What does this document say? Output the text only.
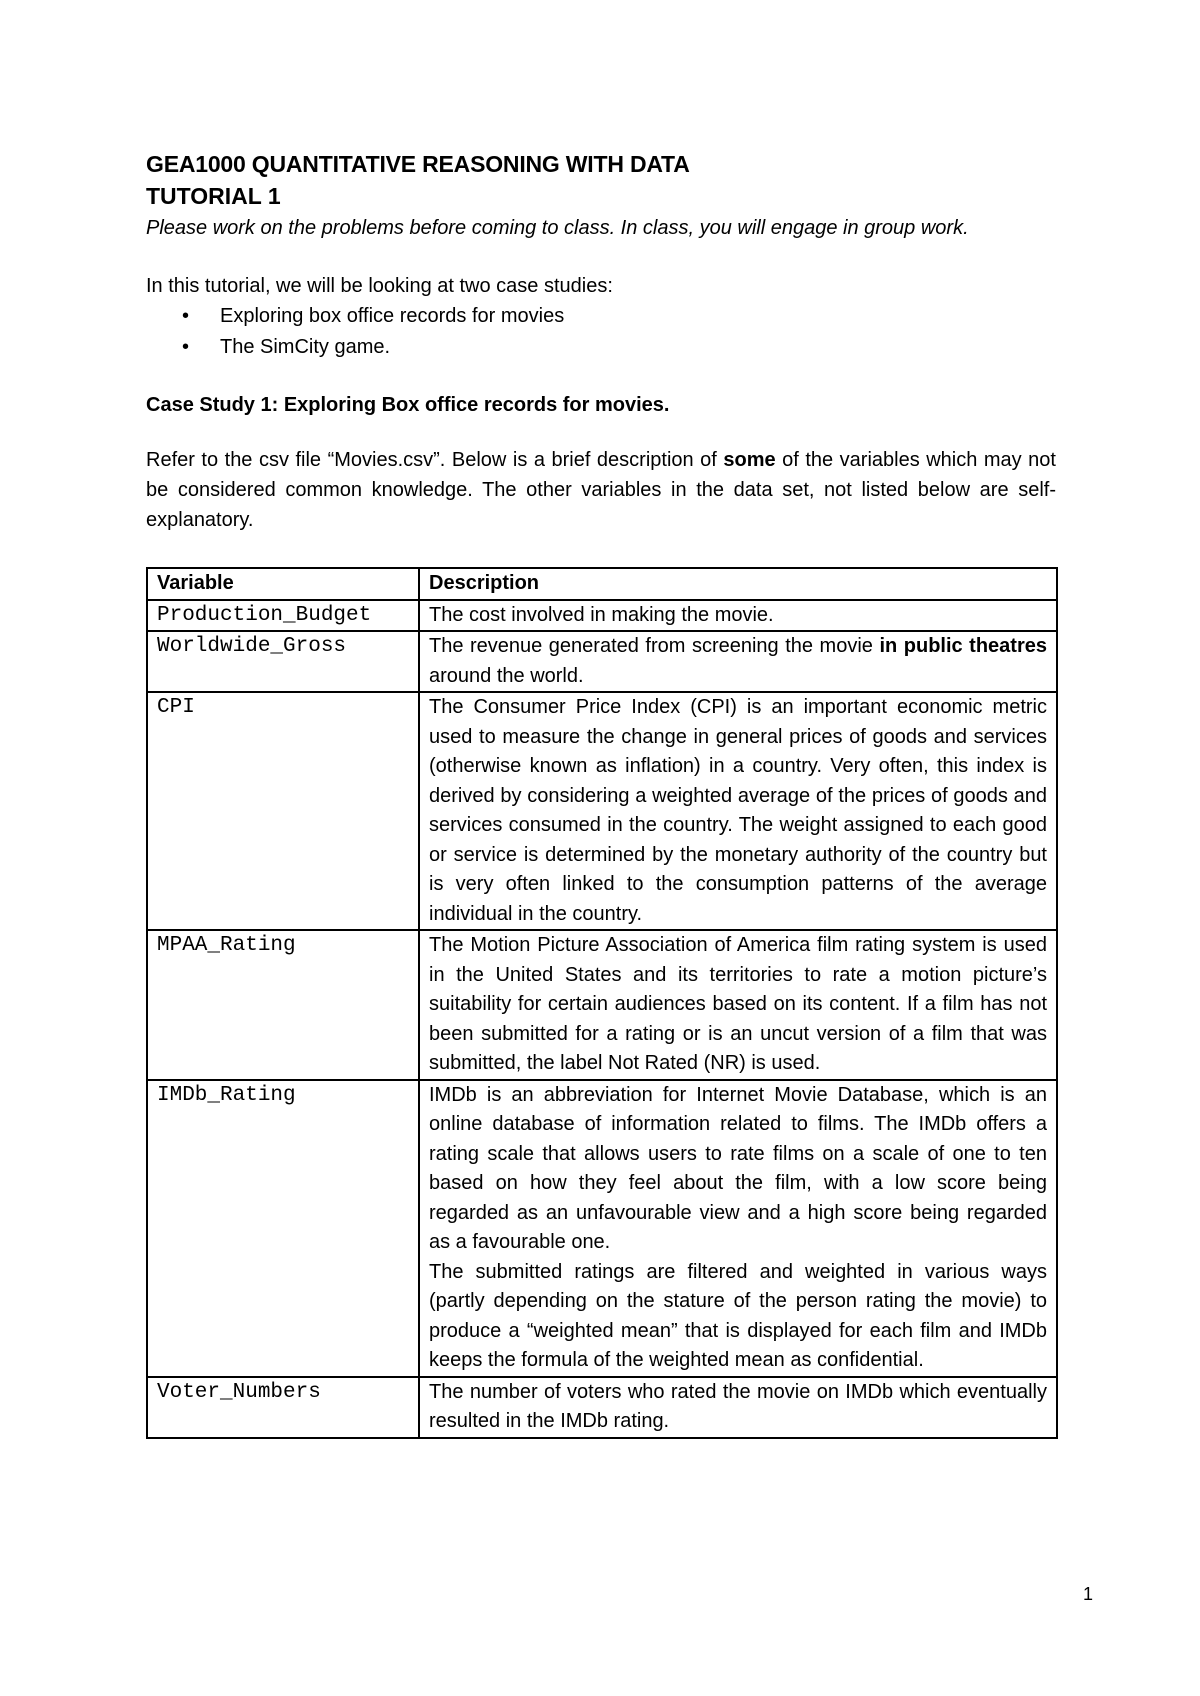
GEA1000 QUANTITATIVE REASONING WITH DATA

TUTORIAL 1

Please work on the problems before coming to class. In class, you will engage in group work.

In this tutorial, we will be looking at two case studies:

• Exploring box office records for movies
• The SimCity game.

Case Study 1: Exploring Box office records for movies.

Refer to the csv file “Movies.csv”. Below is a brief description of some of the variables which may not be considered common knowledge. The other variables in the data set, not listed below are self-explanatory.

Variable	Description
Production_Budget	The cost involved in making the movie.
Worldwide_Gross	The revenue generated from screening the movie in public theatres around the world.
CPI	The Consumer Price Index (CPI) is an important economic metric used to measure the change in general prices of goods and services (otherwise known as inflation) in a country. Very often, this index is derived by considering a weighted average of the prices of goods and services consumed in the country. The weight assigned to each good or service is determined by the monetary authority of the country but is very often linked to the consumption patterns of the average individual in the country.
MPAA_Rating	The Motion Picture Association of America film rating system is used in the United States and its territories to rate a motion picture’s suitability for certain audiences based on its content. If a film has not been submitted for a rating or is an uncut version of a film that was submitted, the label Not Rated (NR) is used.
IMDb_Rating	IMDb is an abbreviation for Internet Movie Database, which is an online database of information related to films. The IMDb offers a rating scale that allows users to rate films on a scale of one to ten based on how they feel about the film, with a low score being regarded as an unfavourable view and a high score being regarded as a favourable one.
The submitted ratings are filtered and weighted in various ways (partly depending on the stature of the person rating the movie) to produce a “weighted mean” that is displayed for each film and IMDb keeps the formula of the weighted mean as confidential.
Voter_Numbers	The number of voters who rated the movie on IMDb which eventually resulted in the IMDb rating.
1
